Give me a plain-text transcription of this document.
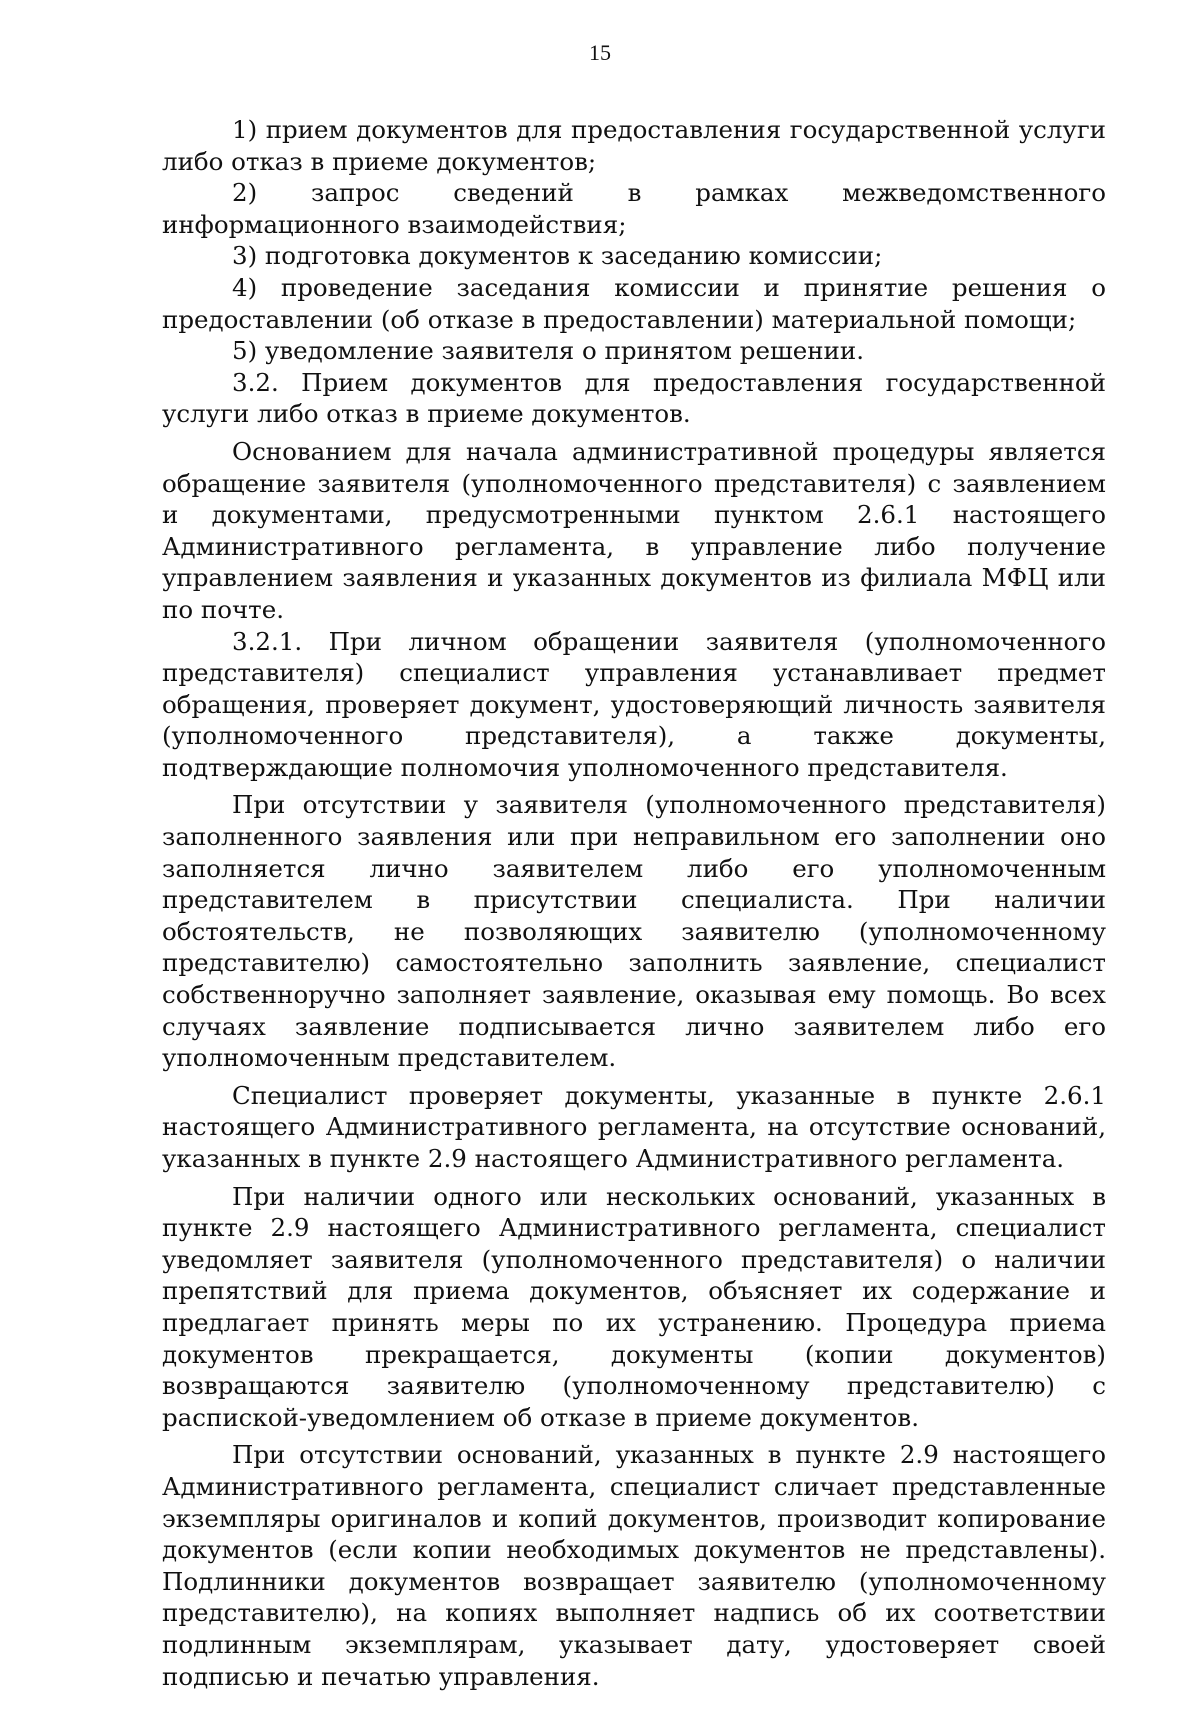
15

1) прием документов для предоставления государственной услуги либо отказ в приеме документов;

2) запрос сведений в рамках межведомственного информационного взаимодействия;

3) подготовка документов к заседанию комиссии;

4) проведение заседания комиссии и принятие решения о предоставлении (об отказе в предоставлении) материальной помощи;

5) уведомление заявителя о принятом решении.

3.2. Прием документов для предоставления государственной услуги либо отказ в приеме документов.

Основанием для начала административной процедуры является обращение заявителя (уполномоченного представителя) с заявлением и документами, предусмотренными пунктом 2.6.1 настоящего Административного регламента, в управление либо получение управлением заявления и указанных документов из филиала МФЦ или по почте.

3.2.1. При личном обращении заявителя (уполномоченного представителя) специалист управления устанавливает предмет обращения, проверяет документ, удостоверяющий личность заявителя (уполномоченного представителя), а также документы, подтверждающие полномочия уполномоченного представителя.

При отсутствии у заявителя (уполномоченного представителя) заполненного заявления или при неправильном его заполнении оно заполняется лично заявителем либо его уполномоченным представителем в присутствии специалиста. При наличии обстоятельств, не позволяющих заявителю (уполномоченному представителю) самостоятельно заполнить заявление, специалист собственноручно заполняет заявление, оказывая ему помощь. Во всех случаях заявление подписывается лично заявителем либо его уполномоченным представителем.

Специалист проверяет документы, указанные в пункте 2.6.1 настоящего Административного регламента, на отсутствие оснований, указанных в пункте 2.9 настоящего Административного регламента.

При наличии одного или нескольких оснований, указанных в пункте 2.9 настоящего Административного регламента, специалист уведомляет заявителя (уполномоченного представителя) о наличии препятствий для приема документов, объясняет их содержание и предлагает принять меры по их устранению. Процедура приема документов прекращается, документы (копии документов) возвращаются заявителю (уполномоченному представителю) с распиской-уведомлением об отказе в приеме документов.

При отсутствии оснований, указанных в пункте 2.9 настоящего Административного регламента, специалист сличает представленные экземпляры оригиналов и копий документов, производит копирование документов (если копии необходимых документов не представлены). Подлинники документов возвращает заявителю (уполномоченному представителю), на копиях выполняет надпись об их соответствии подлинным экземплярам, указывает дату, удостоверяет своей подписью и печатью управления.
